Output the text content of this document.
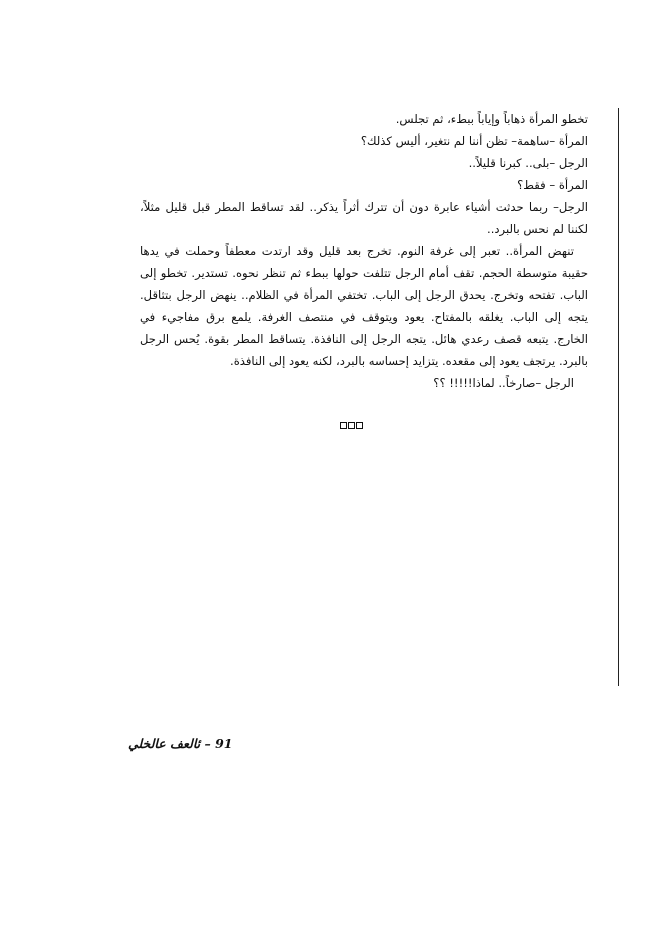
تخطو المرأة ذهاباً وإياباً ببطء، ثم تجلس.

المرأة –ساهمة– تظن أننا لم نتغير، أليس كذلك؟

الرجل –بلى.. كبرنا قليلاً..

المرأة – فقط؟

الرجل– ربما حدثت أشياء عابرة دون أن تترك أثراً يذكر.. لقد تساقط المطر قبل قليل مثلاً، لكننا لم نحس بالبرد..

تنهض المرأة.. تعبر إلى غرفة النوم. تخرج بعد قليل وقد ارتدت معطفاً وحملت في يدها حقيبة متوسطة الحجم. تقف أمام الرجل تتلفت حولها ببطء ثم تنظر نحوه. تستدير. تخطو إلى الباب. تفتحه وتخرج. يحدق الرجل إلى الباب. تختفي المرأة في الظلام.. ينهض الرجل بتثاقل. يتجه إلى الباب. يغلقه بالمفتاح. يعود ويتوقف في منتصف الغرفة. يلمع برق مفاجيء في الخارج. يتبعه قصف رعدي هائل. يتجه الرجل إلى النافذة. يتساقط المطر بقوة. يُحس الرجل بالبرد. يرتجف يعود إلى مقعده. يتزايد إحساسه بالبرد، لكنه يعود إلى النافذة.

الرجل –صارخاً.. لماذا!!!!! ؟؟

91 – ئالعف عالخلي
